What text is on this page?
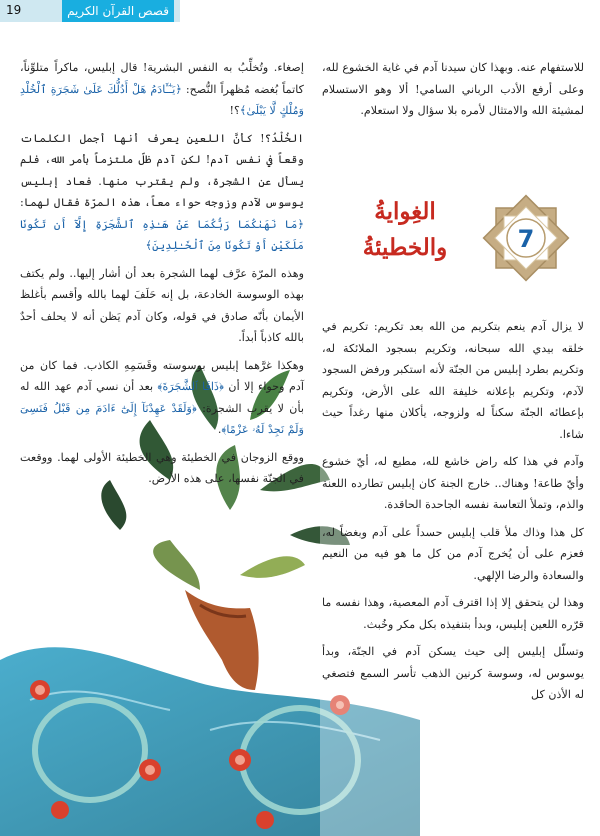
19	قصص القرآن الكريم

للاستفهام عنه. وبهذا كان سيدنا آدم في غاية الخشوع لله، وعلى أرفع الأدب الرباني السامي! ألا وهو الاستسلام لمشيئة الله والامتثال لأمره بلا سؤال ولا استعلام.

7
الغِوايةُ
والخطيئةُ

إصغاء. وتُخلِّبُ به النفس البشرية! قال إبليس، ماكراً متلوِّناً، كاتماً بُغضه مُظهراً النُّصح: ﴿يَـٰٓـَٔادَمُ هَلْ أَدُلُّكَ عَلَىٰ شَجَرَةِ ٱلْخُلْدِ وَمُلْكٍ لَّا يَبْلَىٰ﴾؟!

الخُلْدُ؟! كأنَّ اللعين يعرف أنها أجمل الكلمات وقعاً في نفس آدم! لكن آدم ظلّ ملتزماً بأمر الله، فلم يسأل عن الشجرة، ولم يقترب منها. فعاد إبليس يوسوس لآدم وزوجه حواء معاً، هذه المرّة فقال لهما: ﴿مَا نَهَىٰكُمَا رَبُّكُمَا عَنْ هَـٰذِهِ ٱلشَّجَرَةِ إِلَّآ أَن تَكُونَا مَلَكَيْنِ أَوْ تَكُونَا مِنَ ٱلْخَـٰلِدِينَ﴾

وهذه المرّة عرَّف لهما الشجرة بعد أن أشار إليها.. ولم يكتف بهذه الوسوسة الخادعة، بل إنه حَلَفَ لهما بالله وأقسم بأغلظ الأيمان بأنّه صادق في قوله، وكان آدم يَظن أنه لا يحلف أحدٌ بالله كاذباً أبداً.

وهكذا غرَّهما إبليس بوسوسته وقَسَمِهِ الكاذب. فما كان من آدم وحواء إلا أن ﴿ذَاقَا ٱلشَّجَرَةَ﴾ بعد أن نسي آدم عهد الله له بأن لا يقرب الشجرة: ﴿وَلَقَدْ عَهِدْنَآ إِلَىٰٓ ءَادَمَ مِن قَبْلُ فَنَسِىَ وَلَمْ نَجِدْ لَهُۥ عَزْمًا﴾.

ووقع الزوجان في الخطيئة وهي الخطيئة الأولى لهما. ووقعت في الجنّة نفسها، على هذه الأرض.

لا يزال آدم ينعم بتكريم من الله بعد تكريم: تكريم في خلقه بيدي الله سبحانه، وتكريم بسجود الملائكة له، وتكريم بطرد إبليس من الجنّة لأنه استكبر ورفض السجود لآدم، وتكريم بإعلانه خليفة الله على الأرض، وتكريم بإعطائه الجنّة سكناً له ولزوجه، يأكلان منها رغداً حيث شاءا.

وآدم في هذا كله راض خاشع لله، مطيع له، أيّ خشوع وأيّ طاعة! وهناك.. خارج الجنة كان إبليس تطارده اللعنة والذم، وتملأ التعاسة نفسه الجاحدة الحاقدة.

كل هذا وذاك ملأ قلب إبليس حسداً على آدم وبغضاً له، فعزم على أن يُخرج آدم من كل ما هو فيه من النعيم والسعادة والرضا الإلهي.

وهذا لن يتحقق إلا إذا اقترف آدم المعصية، وهذا نفسه ما قرّره اللعين إبليس، وبدأ بتنفيذه بكل مكر وخُبث.

وتسلّل إبليس إلى حيث يسكن آدم في الجنّة، وبدأ يوسوس له، وسوسة كرنين الذهب تأسر السمع فتصغي له الأذن كل
